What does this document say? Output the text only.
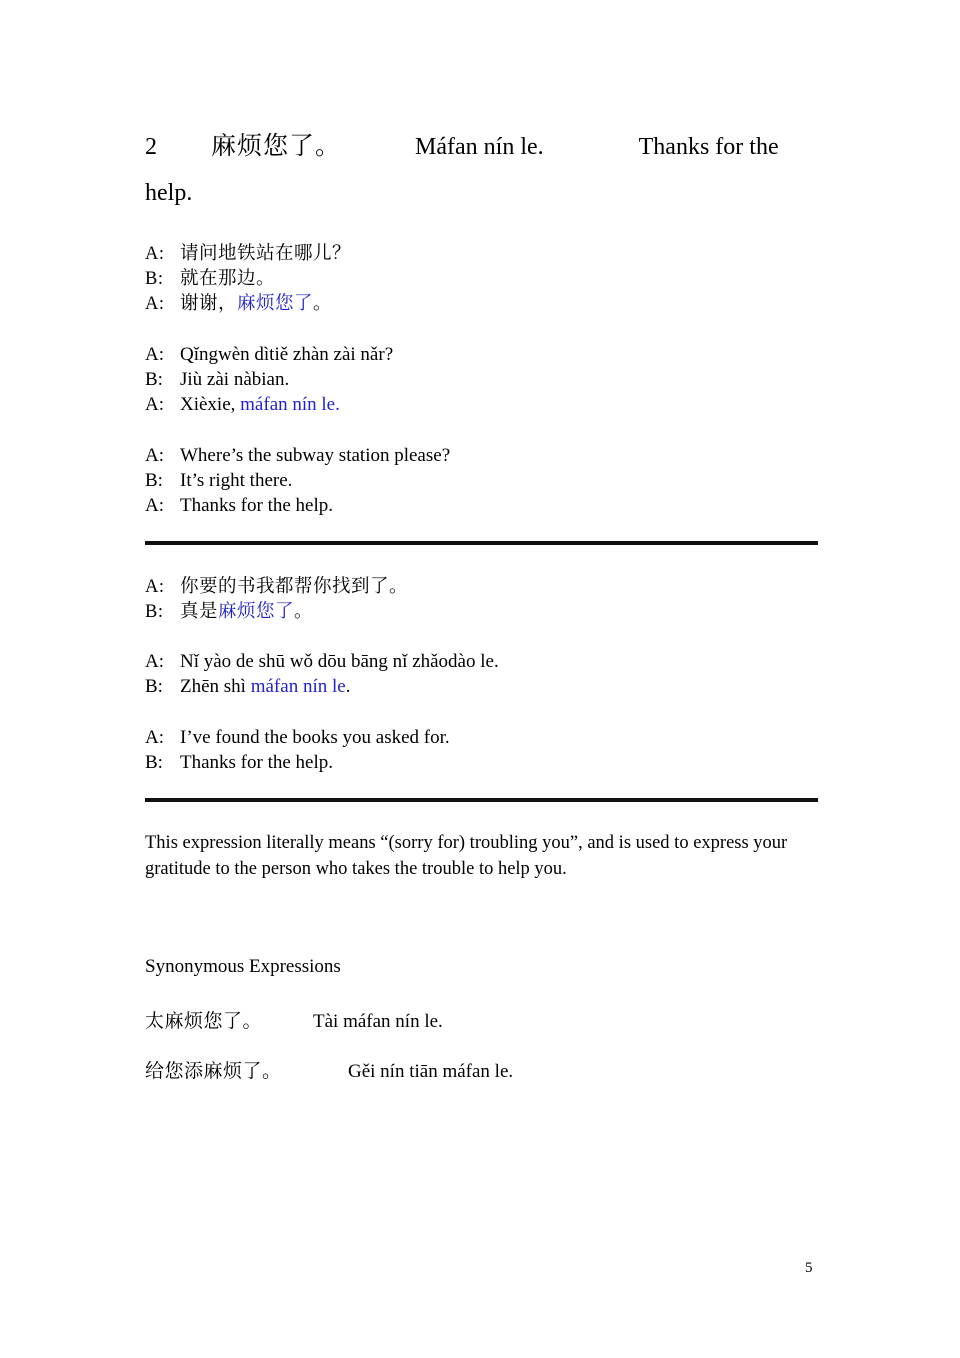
2 麻烦您了。	Máfan nín le.	Thanks for the
help.
A: 请问地铁站在哪儿？
B: 就在那边。
A: 谢谢，麻烦您了。
A: Qǐngwèn dìtiě zhàn zài nǎr?
B: Jiù zài nàbian.
A: Xièxie, máfan nín le.
A: Where’s the subway station please?
B: It’s right there.
A: Thanks for the help.
A: 你要的书我都帮你找到了。
B: 真是麻烦您了。
A: Nǐ yào de shū wǒ dōu bāng nǐ zhǎodào le.
B: Zhēn shì máfan nín le.
A: I’ve found the books you asked for.
B: Thanks for the help.
This expression literally means “(sorry for) troubling you”, and is used to express your gratitude to the person who takes the trouble to help you.
Synonymous Expressions
太麻烦您了。	Tài máfan nín le.
给您添麻烦了。	Gěi nín tiān máfan le.
5
